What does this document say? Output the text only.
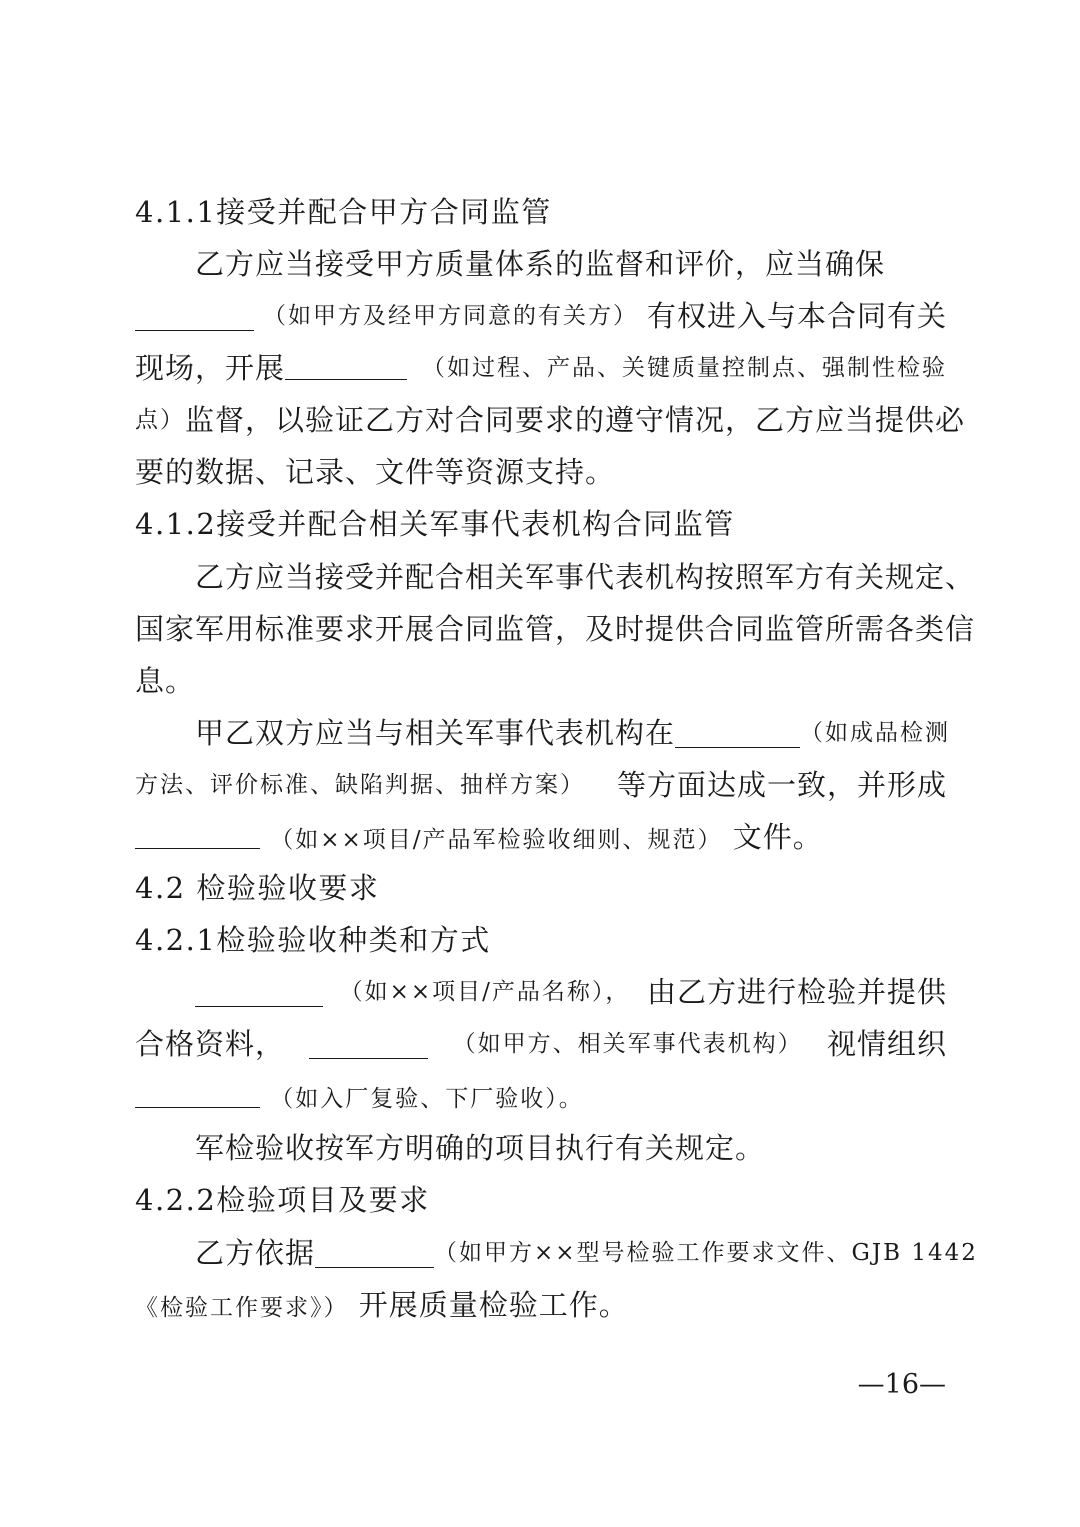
4.1.1接受并配合甲方合同监管
乙方应当接受甲方质量体系的监督和评价，应当确保
（如甲方及经甲方同意的有关方） 有权进入与本合同有关
现场，开展	（如过程、产品、关键质量控制点、强制性检验
点） 监督，以验证乙方对合同要求的遵守情况，乙方应当提供必
要的数据、记录、文件等资源支持。
4.1.2接受并配合相关军事代表机构合同监管
乙方应当接受并配合相关军事代表机构按照军方有关规定、
国家军用标准要求开展合同监管，及时提供合同监管所需各类信
息。
甲乙双方应当与相关军事代表机构在	（如成品检测
方法、评价标准、缺陷判据、抽样方案） 等方面达成一致，并形成
（如××项目/产品军检验收细则、规范） 文件。
4.2 检验验收要求
4.2.1检验验收种类和方式
（如××项目/产品名称）， 由乙方进行检验并提供
合格资料，	（如甲方、相关军事代表机构） 视情组织
（如入厂复验、下厂验收）。
军检验收按军方明确的项目执行有关规定。
4.2.2检验项目及要求
乙方依据	（如甲方××型号检验工作要求文件、GJB 1442
《检验工作要求》） 开展质量检验工作。
—16—
